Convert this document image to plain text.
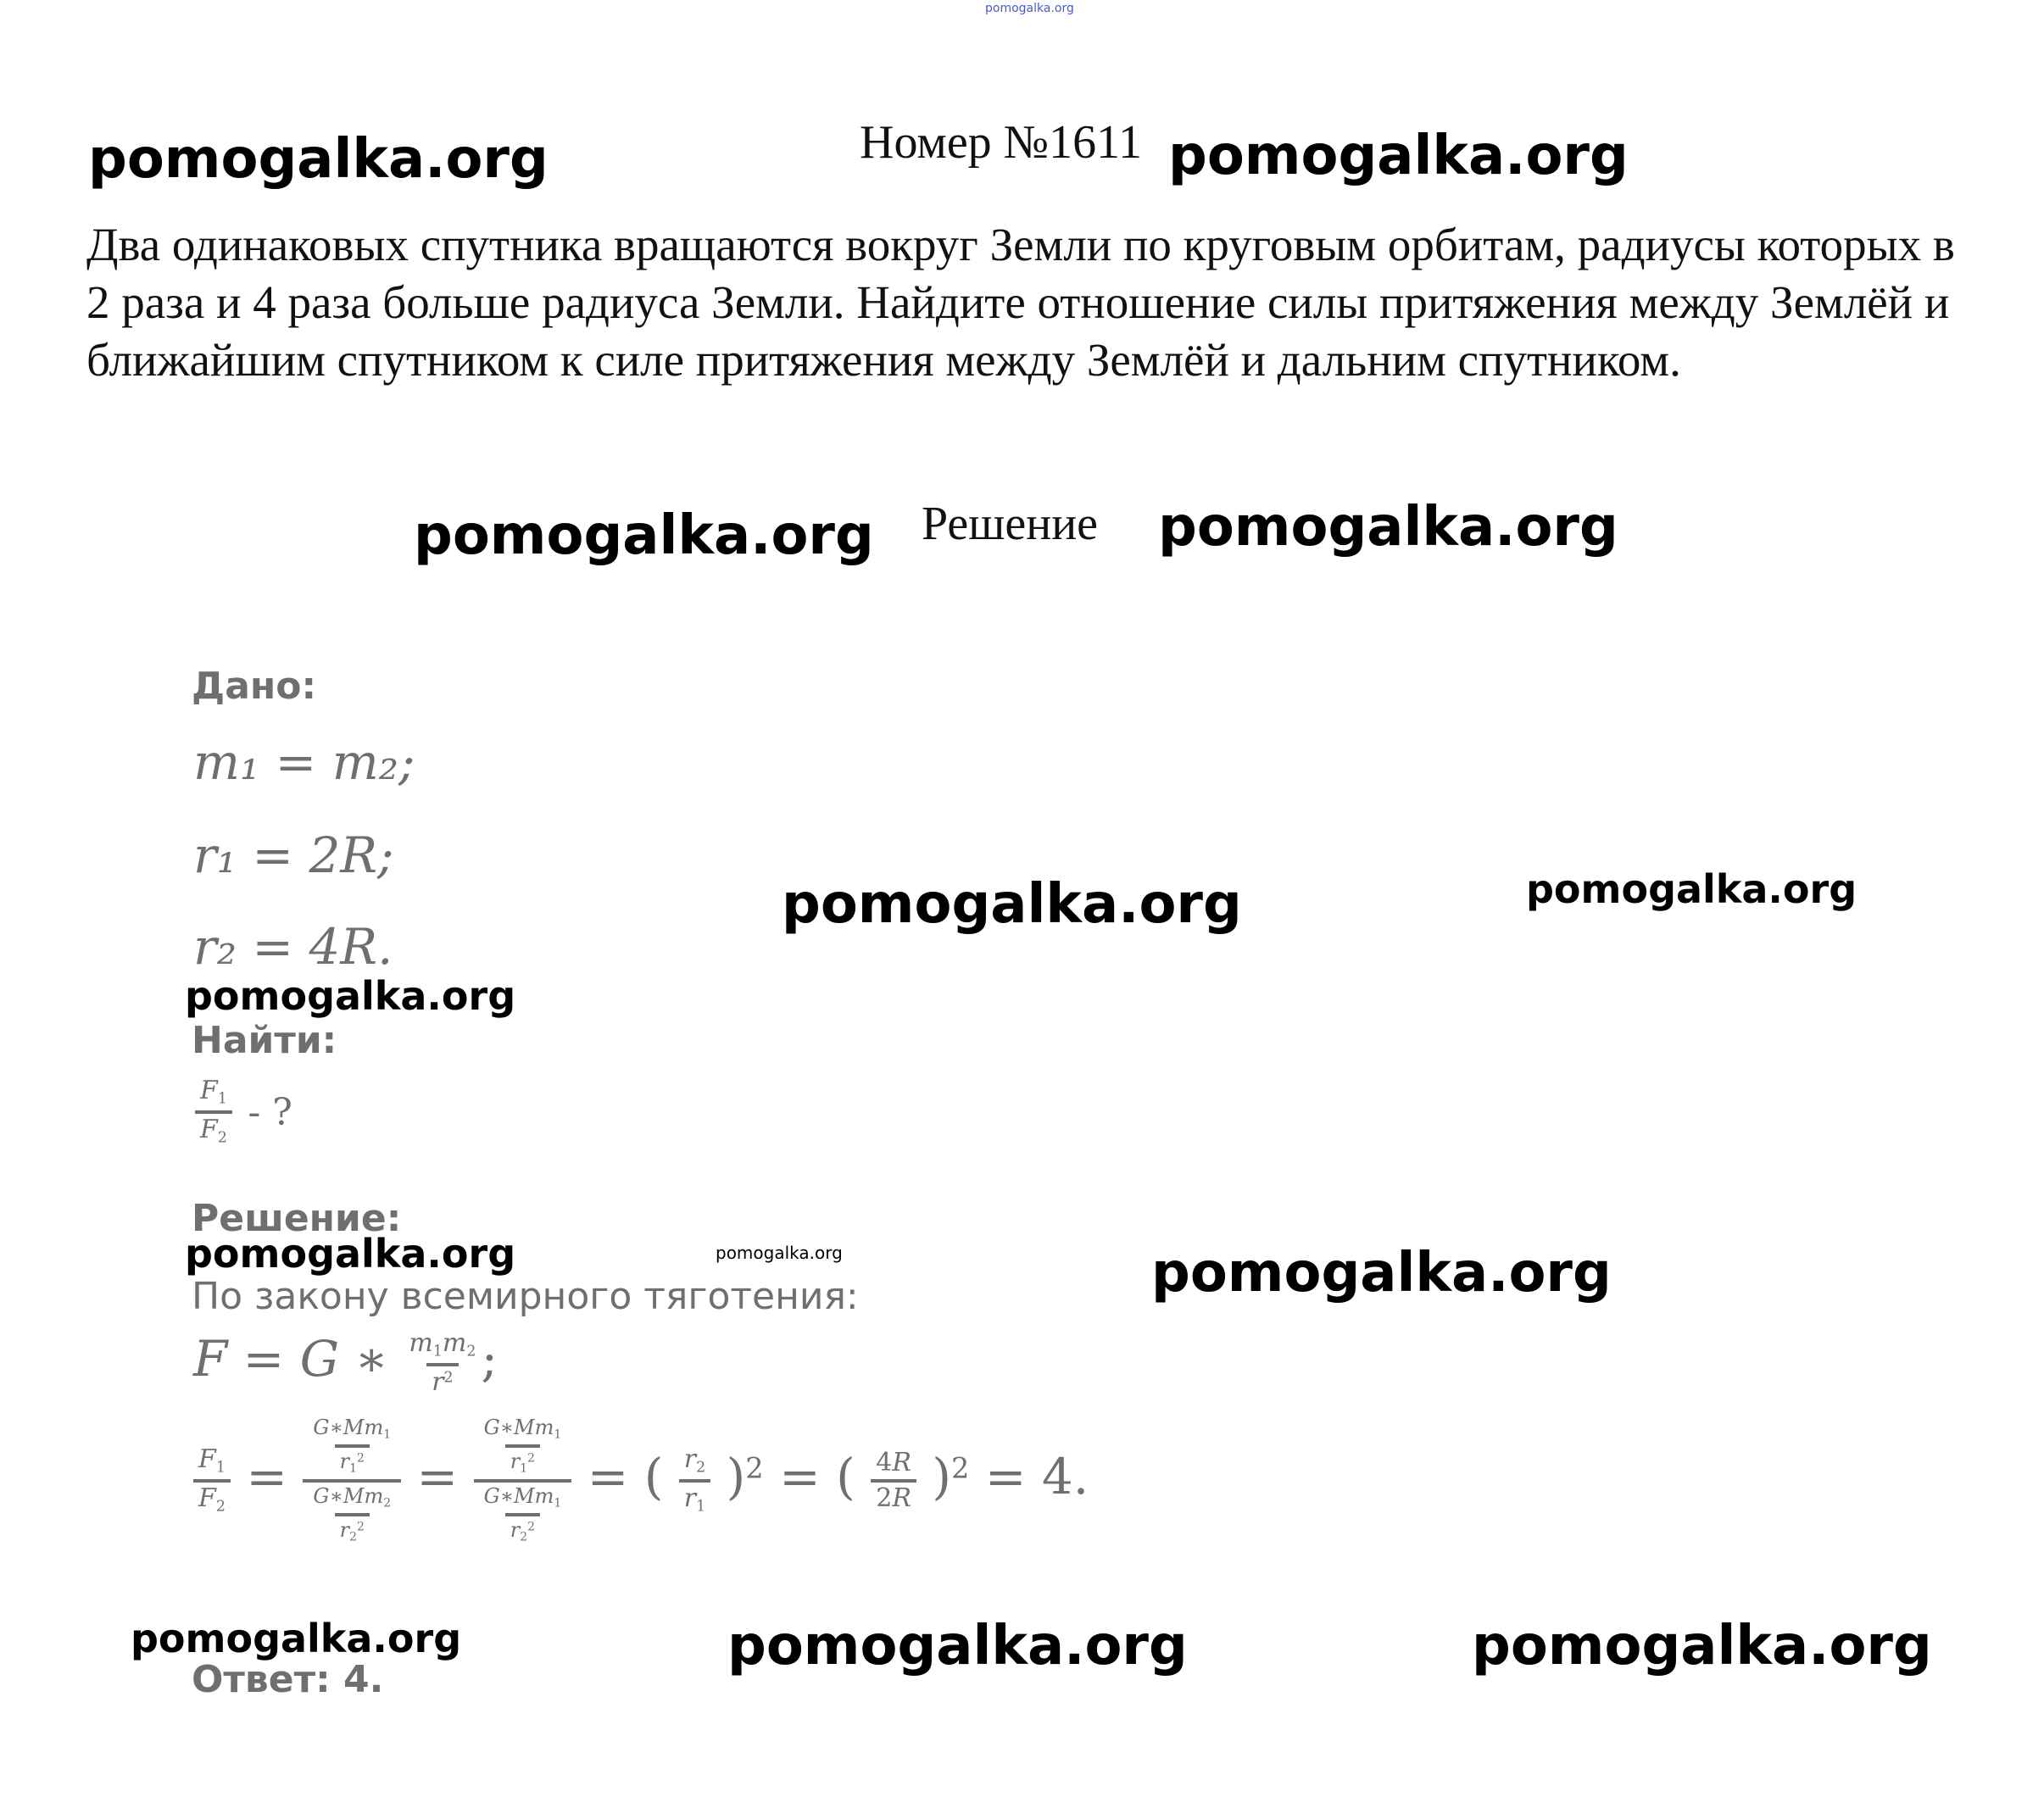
pomogalka.org
pomogalka.org	Номер №1611 pomogalka.org

Два одинаковых спутника вращаются вокруг Земли по круговым орбитам, радиусы которых в 2 раза и 4 раза больше радиуса Земли. Найдите отношение силы притяжения между Землёй и ближайшим спутником к силе притяжения между Землёй и дальним спутником.

pomogalka.org Решение pomogalka.org
Дано:
m₁ = m₂;
r₁ = 2R;
r₂ = 4R.
pomogalka.org	pomogalka.org
pomogalka.org
Найти:
$\frac{F_1}{F_2}$ - ?
Решение:
pomogalka.org	pomogalka.org	pomogalka.org
По закону всемирного тяготения:
F = G ∗ $\frac{m_1m_2}{r^2}$ ;
$\frac{F_1}{F_2} = \frac{\frac{G∗Mm_1}{r_1^2}}{\frac{G∗Mm_2}{r_2^2}} = \frac{\frac{G∗Mm_1}{r_1^2}}{\frac{G∗Mm_1}{r_2^2}}$ = ( $\frac{r_2}{r_1} )^2$ = ( $\frac{4R}{2R} )^2 = 4$.
pomogalka.org	pomogalka.org	pomogalka.org
Ответ: 4.
